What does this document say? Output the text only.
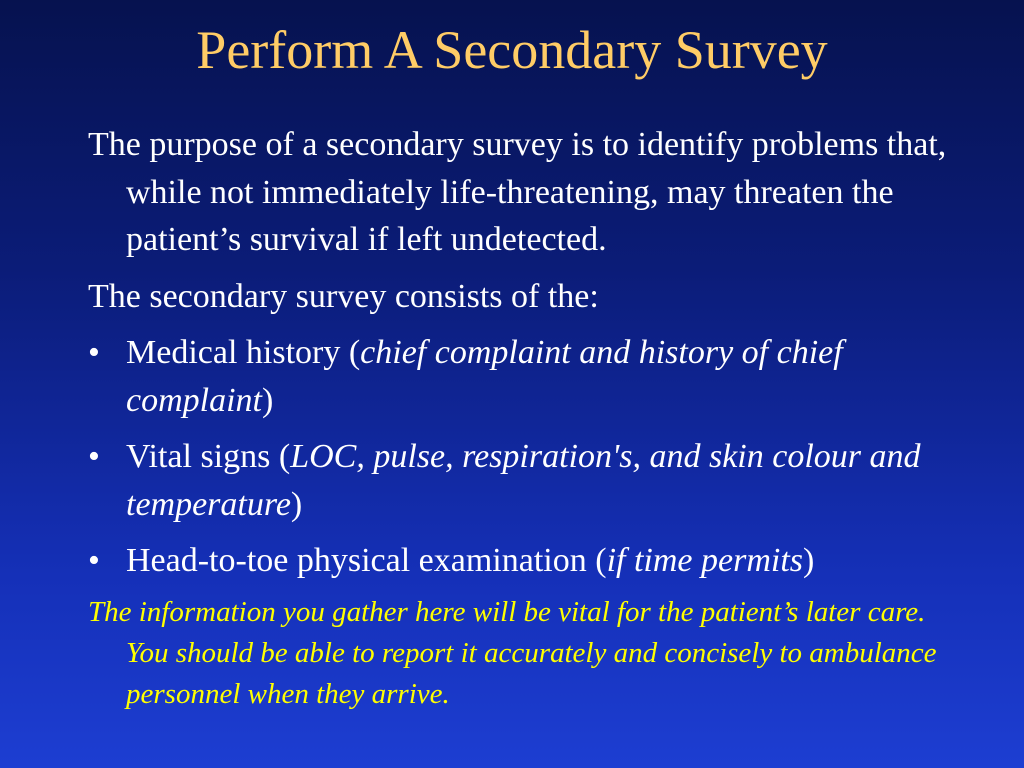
Perform A Secondary Survey

The purpose of a secondary survey is to identify problems that, while not immediately life-threatening, may threaten the patient’s survival if left undetected.

The secondary survey consists of the:

• Medical history (chief complaint and history of chief complaint)

• Vital signs (LOC, pulse, respiration's, and skin colour and temperature)

• Head-to-toe physical examination (if time permits)

The information you gather here will be vital for the patient’s later care. You should be able to report it accurately and concisely to ambulance personnel when they arrive.
